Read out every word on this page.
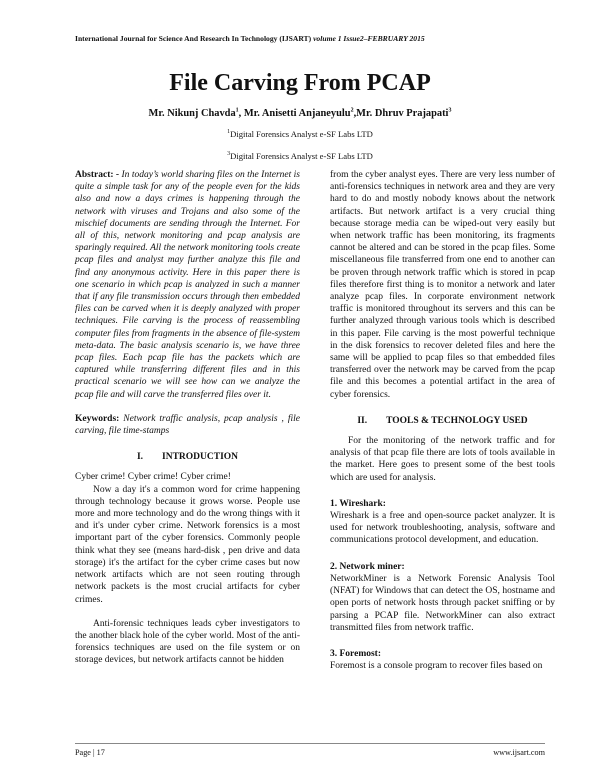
International Journal for Science And Research In Technology (IJSART) volume 1 Issue2–FEBRUARY 2015
File Carving From PCAP
Mr. Nikunj Chavda$^1$, Mr. Anisetti Anjaneyulu$^2$,Mr. Dhruv Prajapati$^3$
$^1$Digital Forensics Analyst e-SF Labs LTD
$^3$Digital Forensics Analyst e-SF Labs LTD

Abstract: - In today’s world sharing files on the Internet is quite a simple task for any of the people even for the kids also and now a days crimes is happening through the network with viruses and Trojans and also some of the mischief documents are sending through the Internet. For all of this, network monitoring and pcap analysis are sparingly required. All the network monitoring tools create pcap files and analyst may further analyze this file and find any anonymous activity. Here in this paper there is one scenario in which pcap is analyzed in such a manner that if any file transmission occurs through then embedded files can be carved when it is deeply analyzed with proper techniques. File carving is the process of reassembling computer files from fragments in the absence of file-system meta-data. The basic analysis scenario is, we have three pcap files. Each pcap file has the packets which are captured while transferring different files and in this practical scenario we will see how can we analyze the pcap file and will carve the transferred files over it.

Keywords: Network traffic analysis, pcap analysis , file carving, file time-stamps

I.  INTRODUCTION

Cyber crime! Cyber crime! Cyber crime!

Now a day it's a common word for crime happening through technology because it grows worse. People use more and more technology and do the wrong things with it and it's under cyber crime. Network forensics is a most important part of the cyber forensics. Commonly people think what they see (means hard-disk , pen drive and data storage) it's the artifact for the cyber crime cases but now network artifacts which are not seen routing through network packets is the most crucial artifacts for cyber crimes.

Anti-forensic techniques leads cyber investigators to the another black hole of the cyber world. Most of the anti-forensics techniques are used on the file system or on storage devices, but network artifacts cannot be hidden

from the cyber analyst eyes. There are very less number of anti-forensics techniques in network area and they are very hard to do and mostly nobody knows about the network artifacts. But network artifact is a very crucial thing because storage media can be wiped-out very easily but when network traffic has been monitoring, its fragments cannot be altered and can be stored in the pcap files. Some miscellaneous file transferred from one end to another can be proven through network traffic which is stored in pcap files therefore first thing is to monitor a network and later analyze pcap files. In corporate environment network traffic is monitored throughout its servers and this can be further analyzed through various tools which is described in this paper. File carving is the most powerful technique in the disk forensics to recover deleted files and here the same will be applied to pcap files so that embedded files transferred over the network may be carved from the pcap file and this becomes a potential artifact in the area of cyber forensics.

II.  TOOLS & TECHNOLOGY USED

For the monitoring of the network traffic and for analysis of that pcap file there are lots of tools available in the market. Here goes to present some of the best tools which are used for analysis.

1. Wireshark:

Wireshark is a free and open-source packet analyzer. It is used for network troubleshooting, analysis, software and communications protocol development, and education.

2. Network miner:

NetworkMiner is a Network Forensic Analysis Tool (NFAT) for Windows that can detect the OS, hostname and open ports of network hosts through packet sniffing or by parsing a PCAP file. NetworkMiner can also extract transmitted files from network traffic.

3. Foremost:

Foremost is a console program to recover files based on

Page | 17	www.ijsart.com
